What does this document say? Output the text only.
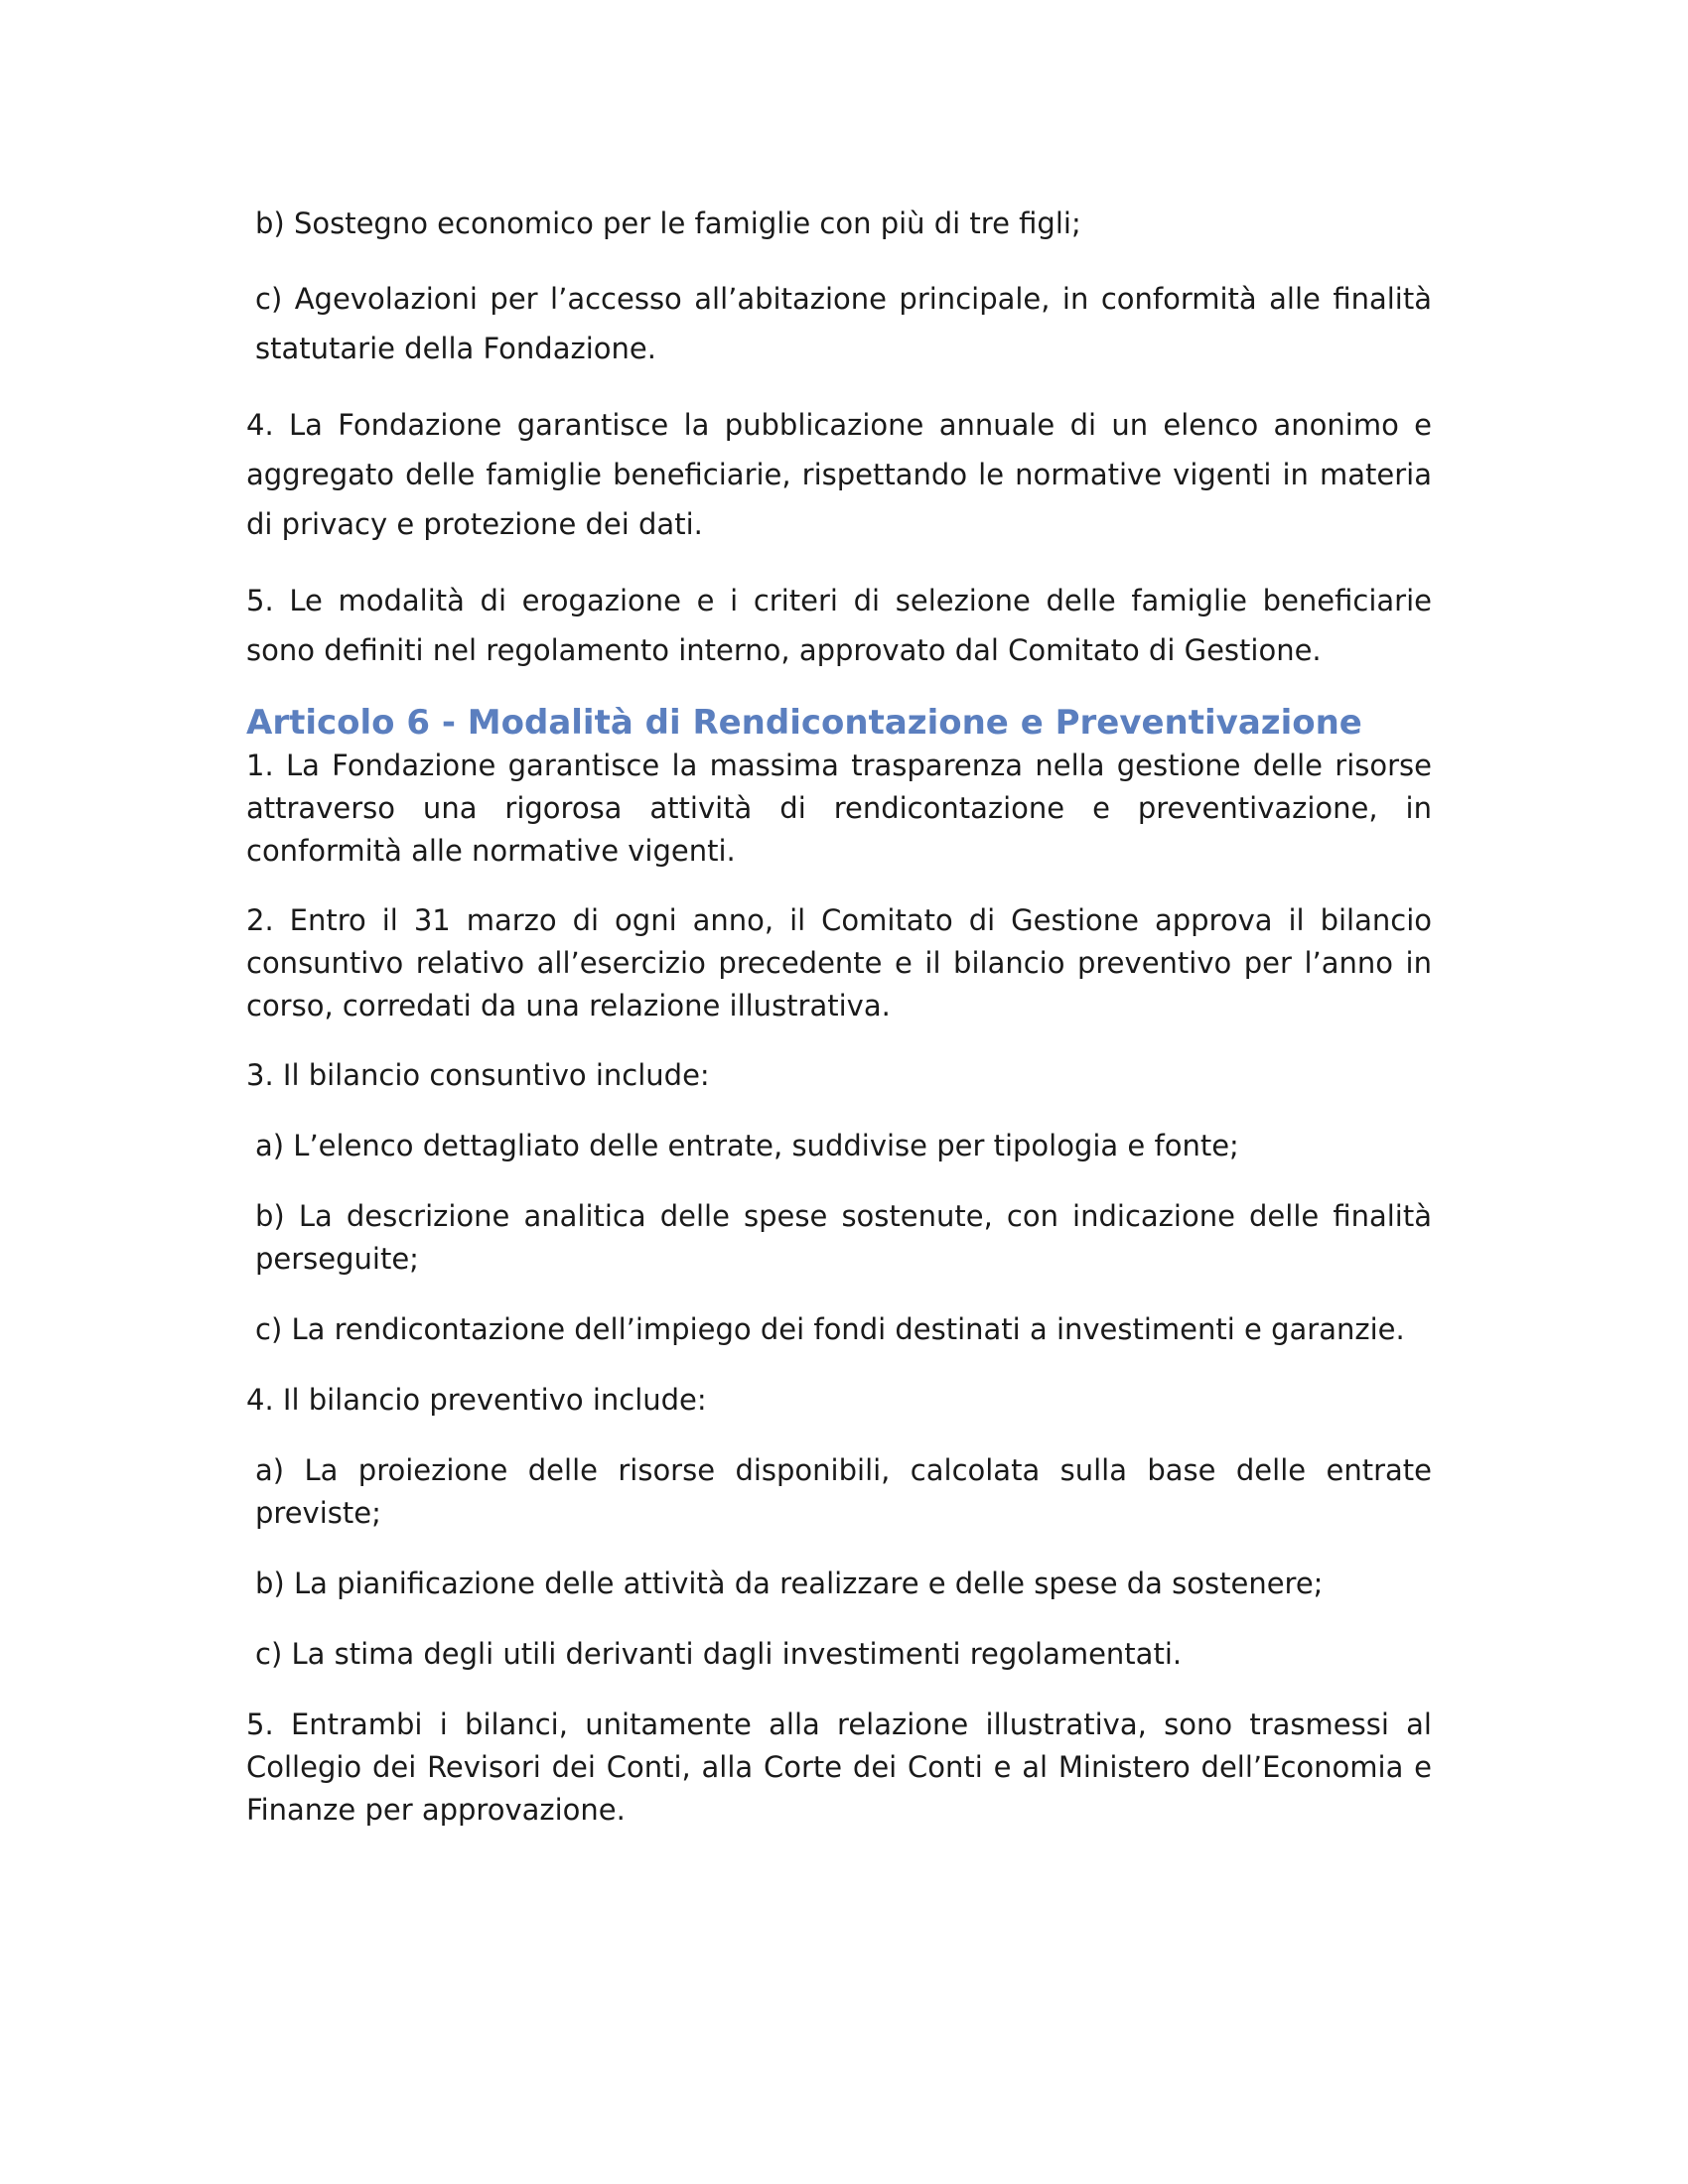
b) Sostegno economico per le famiglie con più di tre figli;

c) Agevolazioni per l’accesso all’abitazione principale, in conformità alle finalità statutarie della Fondazione.

4. La Fondazione garantisce la pubblicazione annuale di un elenco anonimo e aggregato delle famiglie beneficiarie, rispettando le normative vigenti in materia di privacy e protezione dei dati.

5. Le modalità di erogazione e i criteri di selezione delle famiglie beneficiarie sono definiti nel regolamento interno, approvato dal Comitato di Gestione.

Articolo 6 - Modalità di Rendicontazione e Preventivazione

1. La Fondazione garantisce la massima trasparenza nella gestione delle risorse attraverso una rigorosa attività di rendicontazione e preventivazione, in conformità alle normative vigenti.

2. Entro il 31 marzo di ogni anno, il Comitato di Gestione approva il bilancio consuntivo relativo all’esercizio precedente e il bilancio preventivo per l’anno in corso, corredati da una relazione illustrativa.

3. Il bilancio consuntivo include:

a) L’elenco dettagliato delle entrate, suddivise per tipologia e fonte;

b) La descrizione analitica delle spese sostenute, con indicazione delle finalità perseguite;

c) La rendicontazione dell’impiego dei fondi destinati a investimenti e garanzie.

4. Il bilancio preventivo include:

a) La proiezione delle risorse disponibili, calcolata sulla base delle entrate previste;

b) La pianificazione delle attività da realizzare e delle spese da sostenere;

c) La stima degli utili derivanti dagli investimenti regolamentati.

5. Entrambi i bilanci, unitamente alla relazione illustrativa, sono trasmessi al Collegio dei Revisori dei Conti, alla Corte dei Conti e al Ministero dell’Economia e Finanze per approvazione.
